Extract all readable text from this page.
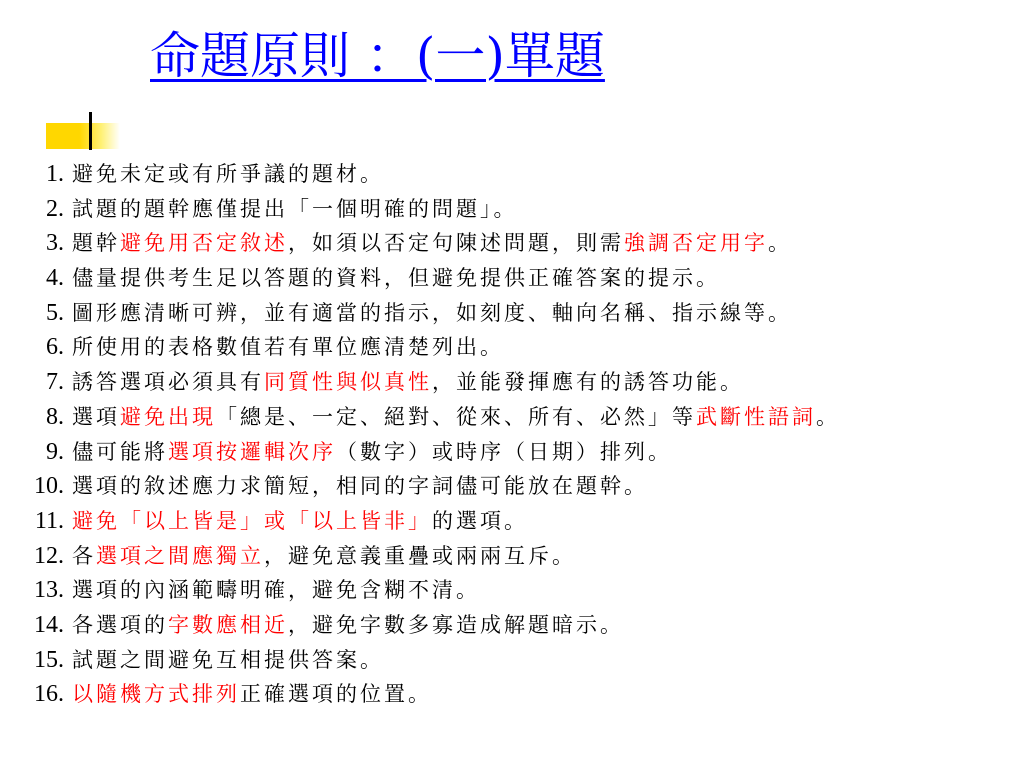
命題原則 ：(一)單題
1. 避免未定或有所爭議的題材。
2. 試題的題幹應僅提出「一個明確的問題」。
3. 題幹避免用否定敘述，如須以否定句陳述問題，則需強調否定用字。
4. 儘量提供考生足以答題的資料，但避免提供正確答案的提示。
5. 圖形應清晰可辨，並有適當的指示，如刻度、軸向名稱、指示線等。
6. 所使用的表格數值若有單位應清楚列出。
7. 誘答選項必須具有同質性與似真性，並能發揮應有的誘答功能。
8. 選項避免出現「總是、一定、絕對、從來、所有、必然」等武斷性語詞。
9. 儘可能將選項按邏輯次序（數字）或時序（日期）排列。
10. 選項的敘述應力求簡短，相同的字詞儘可能放在題幹。
11. 避免「以上皆是」或「以上皆非」的選項。
12. 各選項之間應獨立，避免意義重疊或兩兩互斥。
13. 選項的內涵範疇明確，避免含糊不清。
14. 各選項的字數應相近，避免字數多寡造成解題暗示。
15. 試題之間避免互相提供答案。
16. 以隨機方式排列正確選項的位置。
